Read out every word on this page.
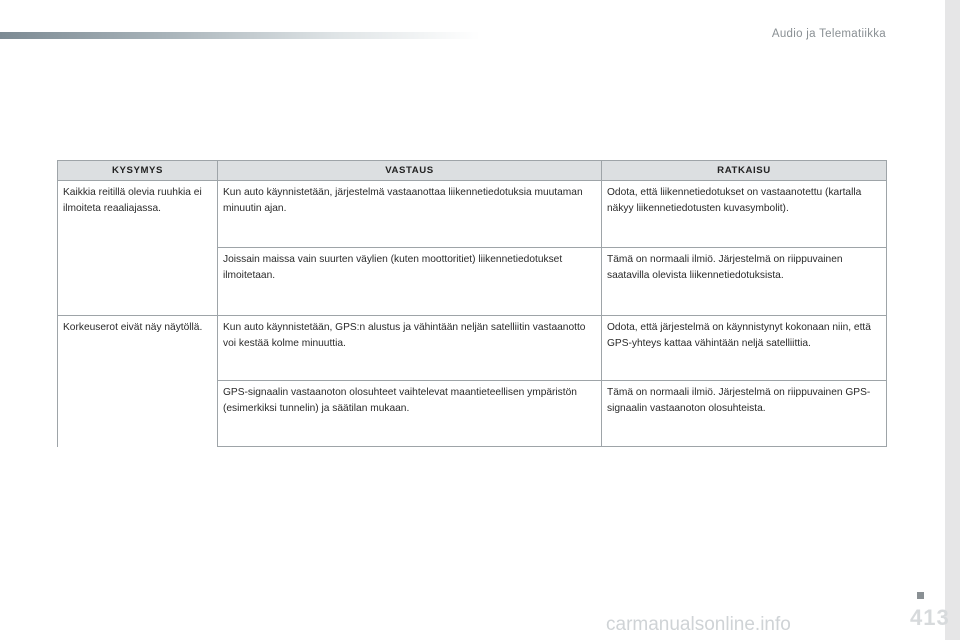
Audio ja Telematiikka
KYSYMYS	VASTAUS	RATKAISU
Kaikkia reitillä olevia ruuhkia ei ilmoiteta reaaliajassa.	Kun auto käynnistetään, järjestelmä vastaanottaa liikennetiedotuksia muutaman minuutin ajan.	Odota, että liikennetiedotukset on vastaanotettu (kartalla näkyy liikennetiedotusten kuvasymbolit).
	Joissain maissa vain suurten väylien (kuten moottoritiet) liikennetiedotukset ilmoitetaan.	Tämä on normaali ilmiö. Järjestelmä on riippuvainen saatavilla olevista liikennetiedotuksista.
Korkeuserot eivät näy näytöllä.	Kun auto käynnistetään, GPS:n alustus ja vähintään neljän satelliitin vastaanotto voi kestää kolme minuuttia.	Odota, että järjestelmä on käynnistynyt kokonaan niin, että GPS-yhteys kattaa vähintään neljä satelliittia.
	GPS-signaalin vastaanoton olosuhteet vaihtelevat maantieteellisen ympäristön (esimerkiksi tunnelin) ja säätilan mukaan.	Tämä on normaali ilmiö. Järjestelmä on riippuvainen GPS-signaalin vastaanoton olosuhteista.
413
carmanualsonline.info
